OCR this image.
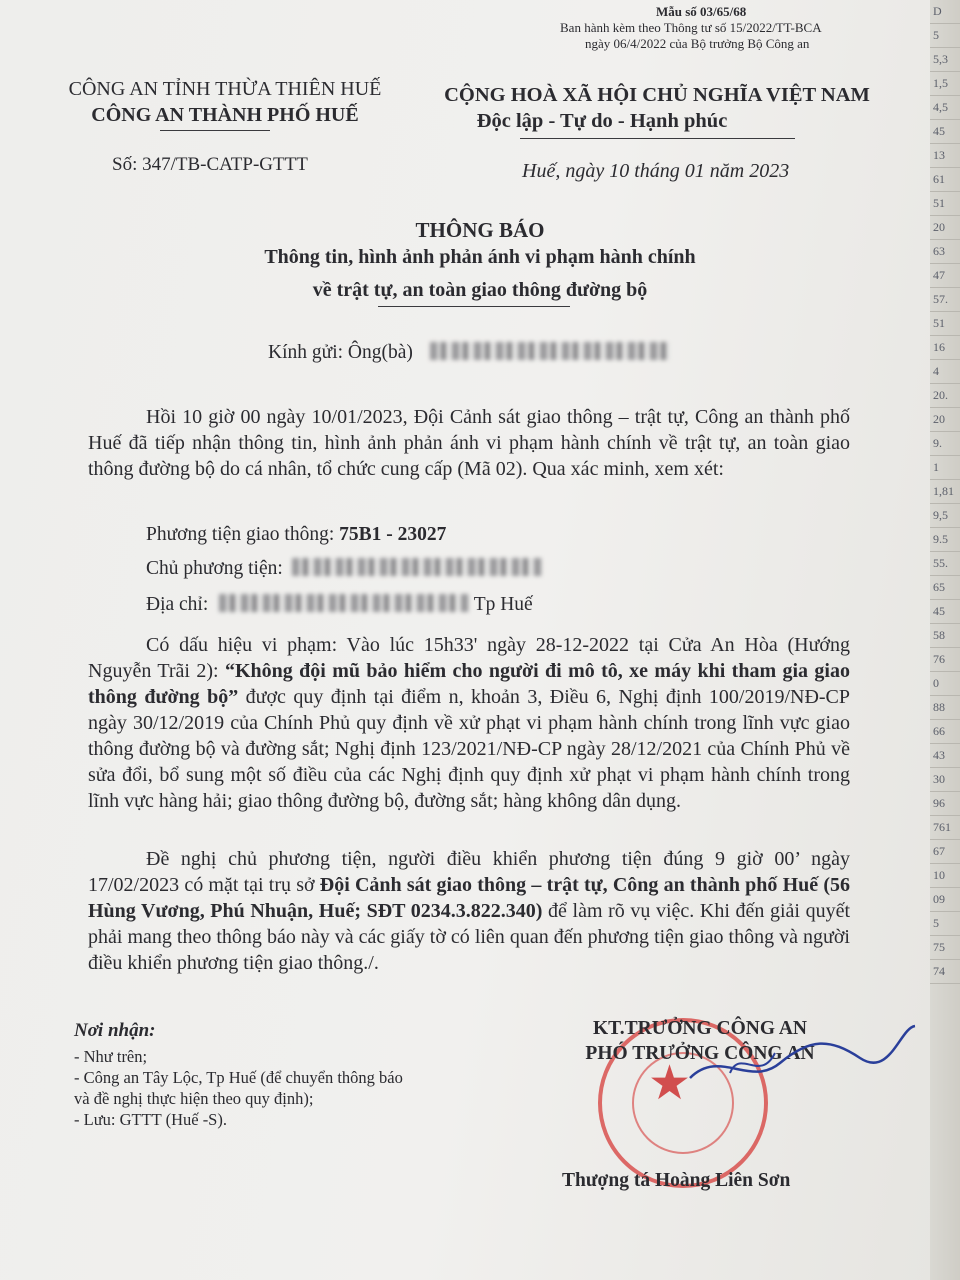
Mẫu số 03/65/68
Ban hành kèm theo Thông tư số 15/2022/TT-BCA
ngày 06/4/2022 của Bộ trưởng Bộ Công an
CÔNG AN TỈNH THỪA THIÊN HUẾ
CÔNG AN THÀNH PHỐ HUẾ
Số: 347/TB-CATP-GTTT
CỘNG HOÀ XÃ HỘI CHỦ NGHĨA VIỆT NAM
Độc lập - Tự do - Hạnh phúc
Huế, ngày 10 tháng 01 năm 2023
THÔNG BÁO
Thông tin, hình ảnh phản ánh vi phạm hành chính
về trật tự, an toàn giao thông đường bộ
Kính gửi: Ông(bà)
Hồi 10 giờ 00 ngày 10/01/2023, Đội Cảnh sát giao thông – trật tự, Công an thành phố Huế đã tiếp nhận thông tin, hình ảnh phản ánh vi phạm hành chính về trật tự, an toàn giao thông đường bộ do cá nhân, tổ chức cung cấp (Mã 02). Qua xác minh, xem xét:
Phương tiện giao thông: 75B1 - 23027
Chủ phương tiện:
Địa chỉ:	Tp Huế
Có dấu hiệu vi phạm: Vào lúc 15h33' ngày 28-12-2022 tại Cửa An Hòa (Hướng Nguyễn Trãi 2): “Không đội mũ bảo hiểm cho người đi mô tô, xe máy khi tham gia giao thông đường bộ” được quy định tại điểm n, khoản 3, Điều 6, Nghị định 100/2019/NĐ-CP ngày 30/12/2019 của Chính Phủ quy định về xử phạt vi phạm hành chính trong lĩnh vực giao thông đường bộ và đường sắt; Nghị định 123/2021/NĐ-CP ngày 28/12/2021 của Chính Phủ về sửa đổi, bổ sung một số điều của các Nghị định quy định xử phạt vi phạm hành chính trong lĩnh vực hàng hải; giao thông đường bộ, đường sắt; hàng không dân dụng.
Đề nghị chủ phương tiện, người điều khiển phương tiện đúng 9 giờ 00’ ngày 17/02/2023 có mặt tại trụ sở Đội Cảnh sát giao thông – trật tự, Công an thành phố Huế (56 Hùng Vương, Phú Nhuận, Huế; SĐT 0234.3.822.340) để làm rõ vụ việc. Khi đến giải quyết phải mang theo thông báo này và các giấy tờ có liên quan đến phương tiện giao thông và người điều khiển phương tiện giao thông./.
Nơi nhận:
- Như trên;
- Công an Tây Lộc, Tp Huế (để chuyển thông báo
và đề nghị thực hiện theo quy định);
- Lưu: GTTT (Huế -S).
★
KT.TRƯỞNG CÔNG AN
PHÓ TRƯỞNG CÔNG AN
Thượng tá Hoàng Liên Sơn
D
5
5,3
1,5
4,5
45
13
61
51
20
63
47
57.
51
16
4
20.
20
9.
1
1,81
9,5
9.5
55.
65
45
58
76
0
88
66
43
30
96
761
67
10
09
5
75
74
